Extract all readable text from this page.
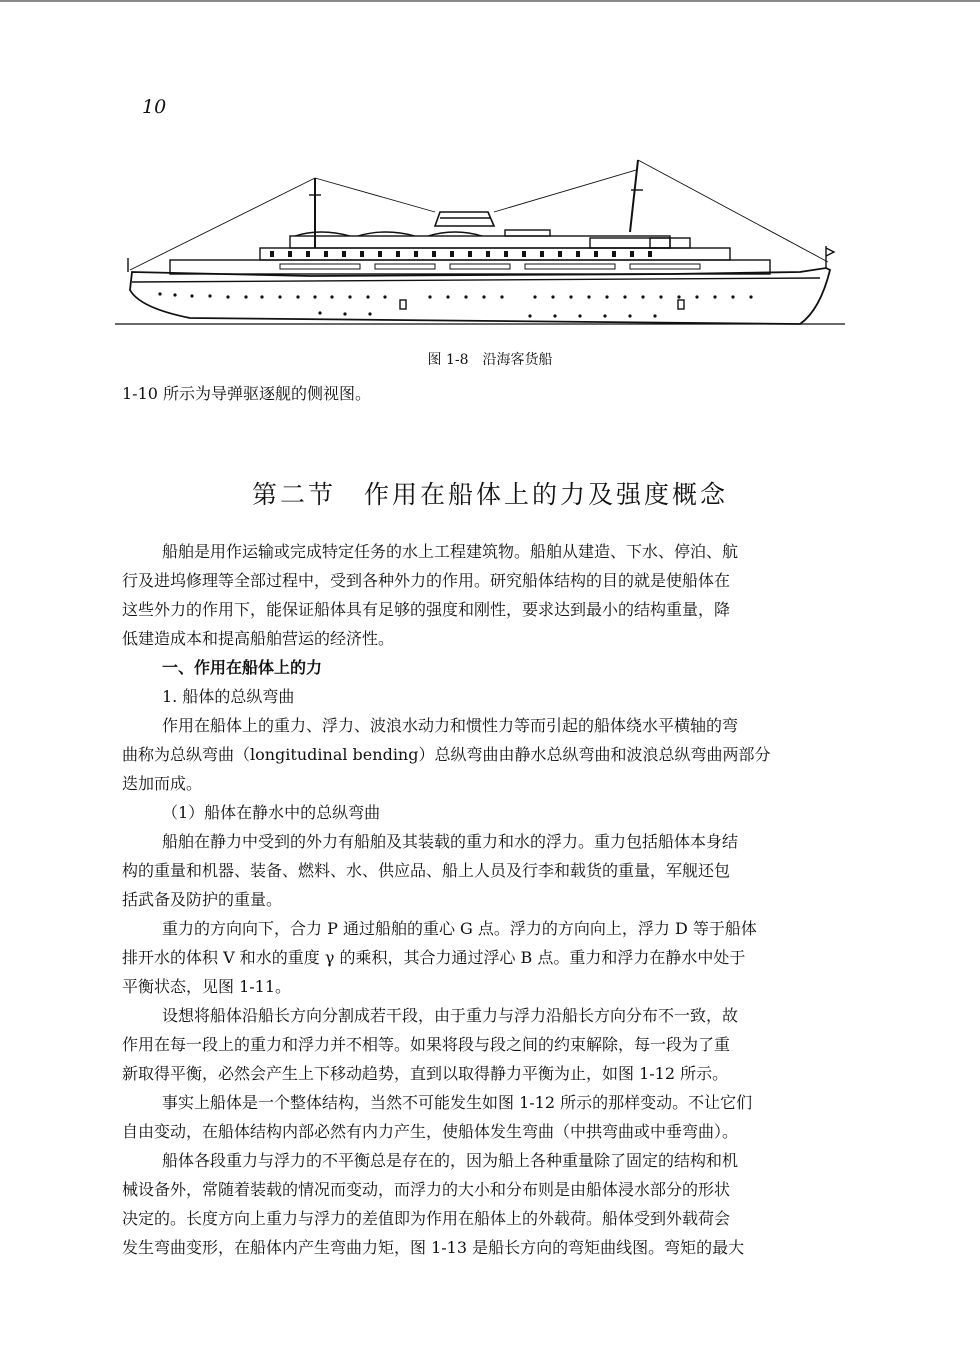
10
图 1-8　沿海客货船
1-10 所示为导弹驱逐舰的侧视图。
第二节　作用在船体上的力及强度概念
船舶是用作运输或完成特定任务的水上工程建筑物。船舶从建造、下水、停泊、航
行及进坞修理等全部过程中，受到各种外力的作用。研究船体结构的目的就是使船体在
这些外力的作用下，能保证船体具有足够的强度和刚性，要求达到最小的结构重量，降
低建造成本和提高船舶营运的经济性。
一、作用在船体上的力
1. 船体的总纵弯曲
作用在船体上的重力、浮力、波浪水动力和惯性力等而引起的船体绕水平横轴的弯
曲称为总纵弯曲（longitudinal bending）总纵弯曲由静水总纵弯曲和波浪总纵弯曲两部分
迭加而成。
（1）船体在静水中的总纵弯曲
船舶在静力中受到的外力有船舶及其装载的重力和水的浮力。重力包括船体本身结
构的重量和机器、装备、燃料、水、供应品、船上人员及行李和载货的重量，军舰还包
括武备及防护的重量。
重力的方向向下，合力 P 通过船舶的重心 G 点。浮力的方向向上，浮力 D 等于船体
排开水的体积 V 和水的重度 γ 的乘积，其合力通过浮心 B 点。重力和浮力在静水中处于
平衡状态，见图 1-11。
设想将船体沿船长方向分割成若干段，由于重力与浮力沿船长方向分布不一致，故
作用在每一段上的重力和浮力并不相等。如果将段与段之间的约束解除，每一段为了重
新取得平衡，必然会产生上下移动趋势，直到以取得静力平衡为止，如图 1-12 所示。
事实上船体是一个整体结构，当然不可能发生如图 1-12 所示的那样变动。不让它们
自由变动，在船体结构内部必然有内力产生，使船体发生弯曲（中拱弯曲或中垂弯曲）。
船体各段重力与浮力的不平衡总是存在的，因为船上各种重量除了固定的结构和机
械设备外，常随着装载的情况而变动，而浮力的大小和分布则是由船体浸水部分的形状
决定的。长度方向上重力与浮力的差值即为作用在船体上的外载荷。船体受到外载荷会
发生弯曲变形，在船体内产生弯曲力矩，图 1-13 是船长方向的弯矩曲线图。弯矩的最大
